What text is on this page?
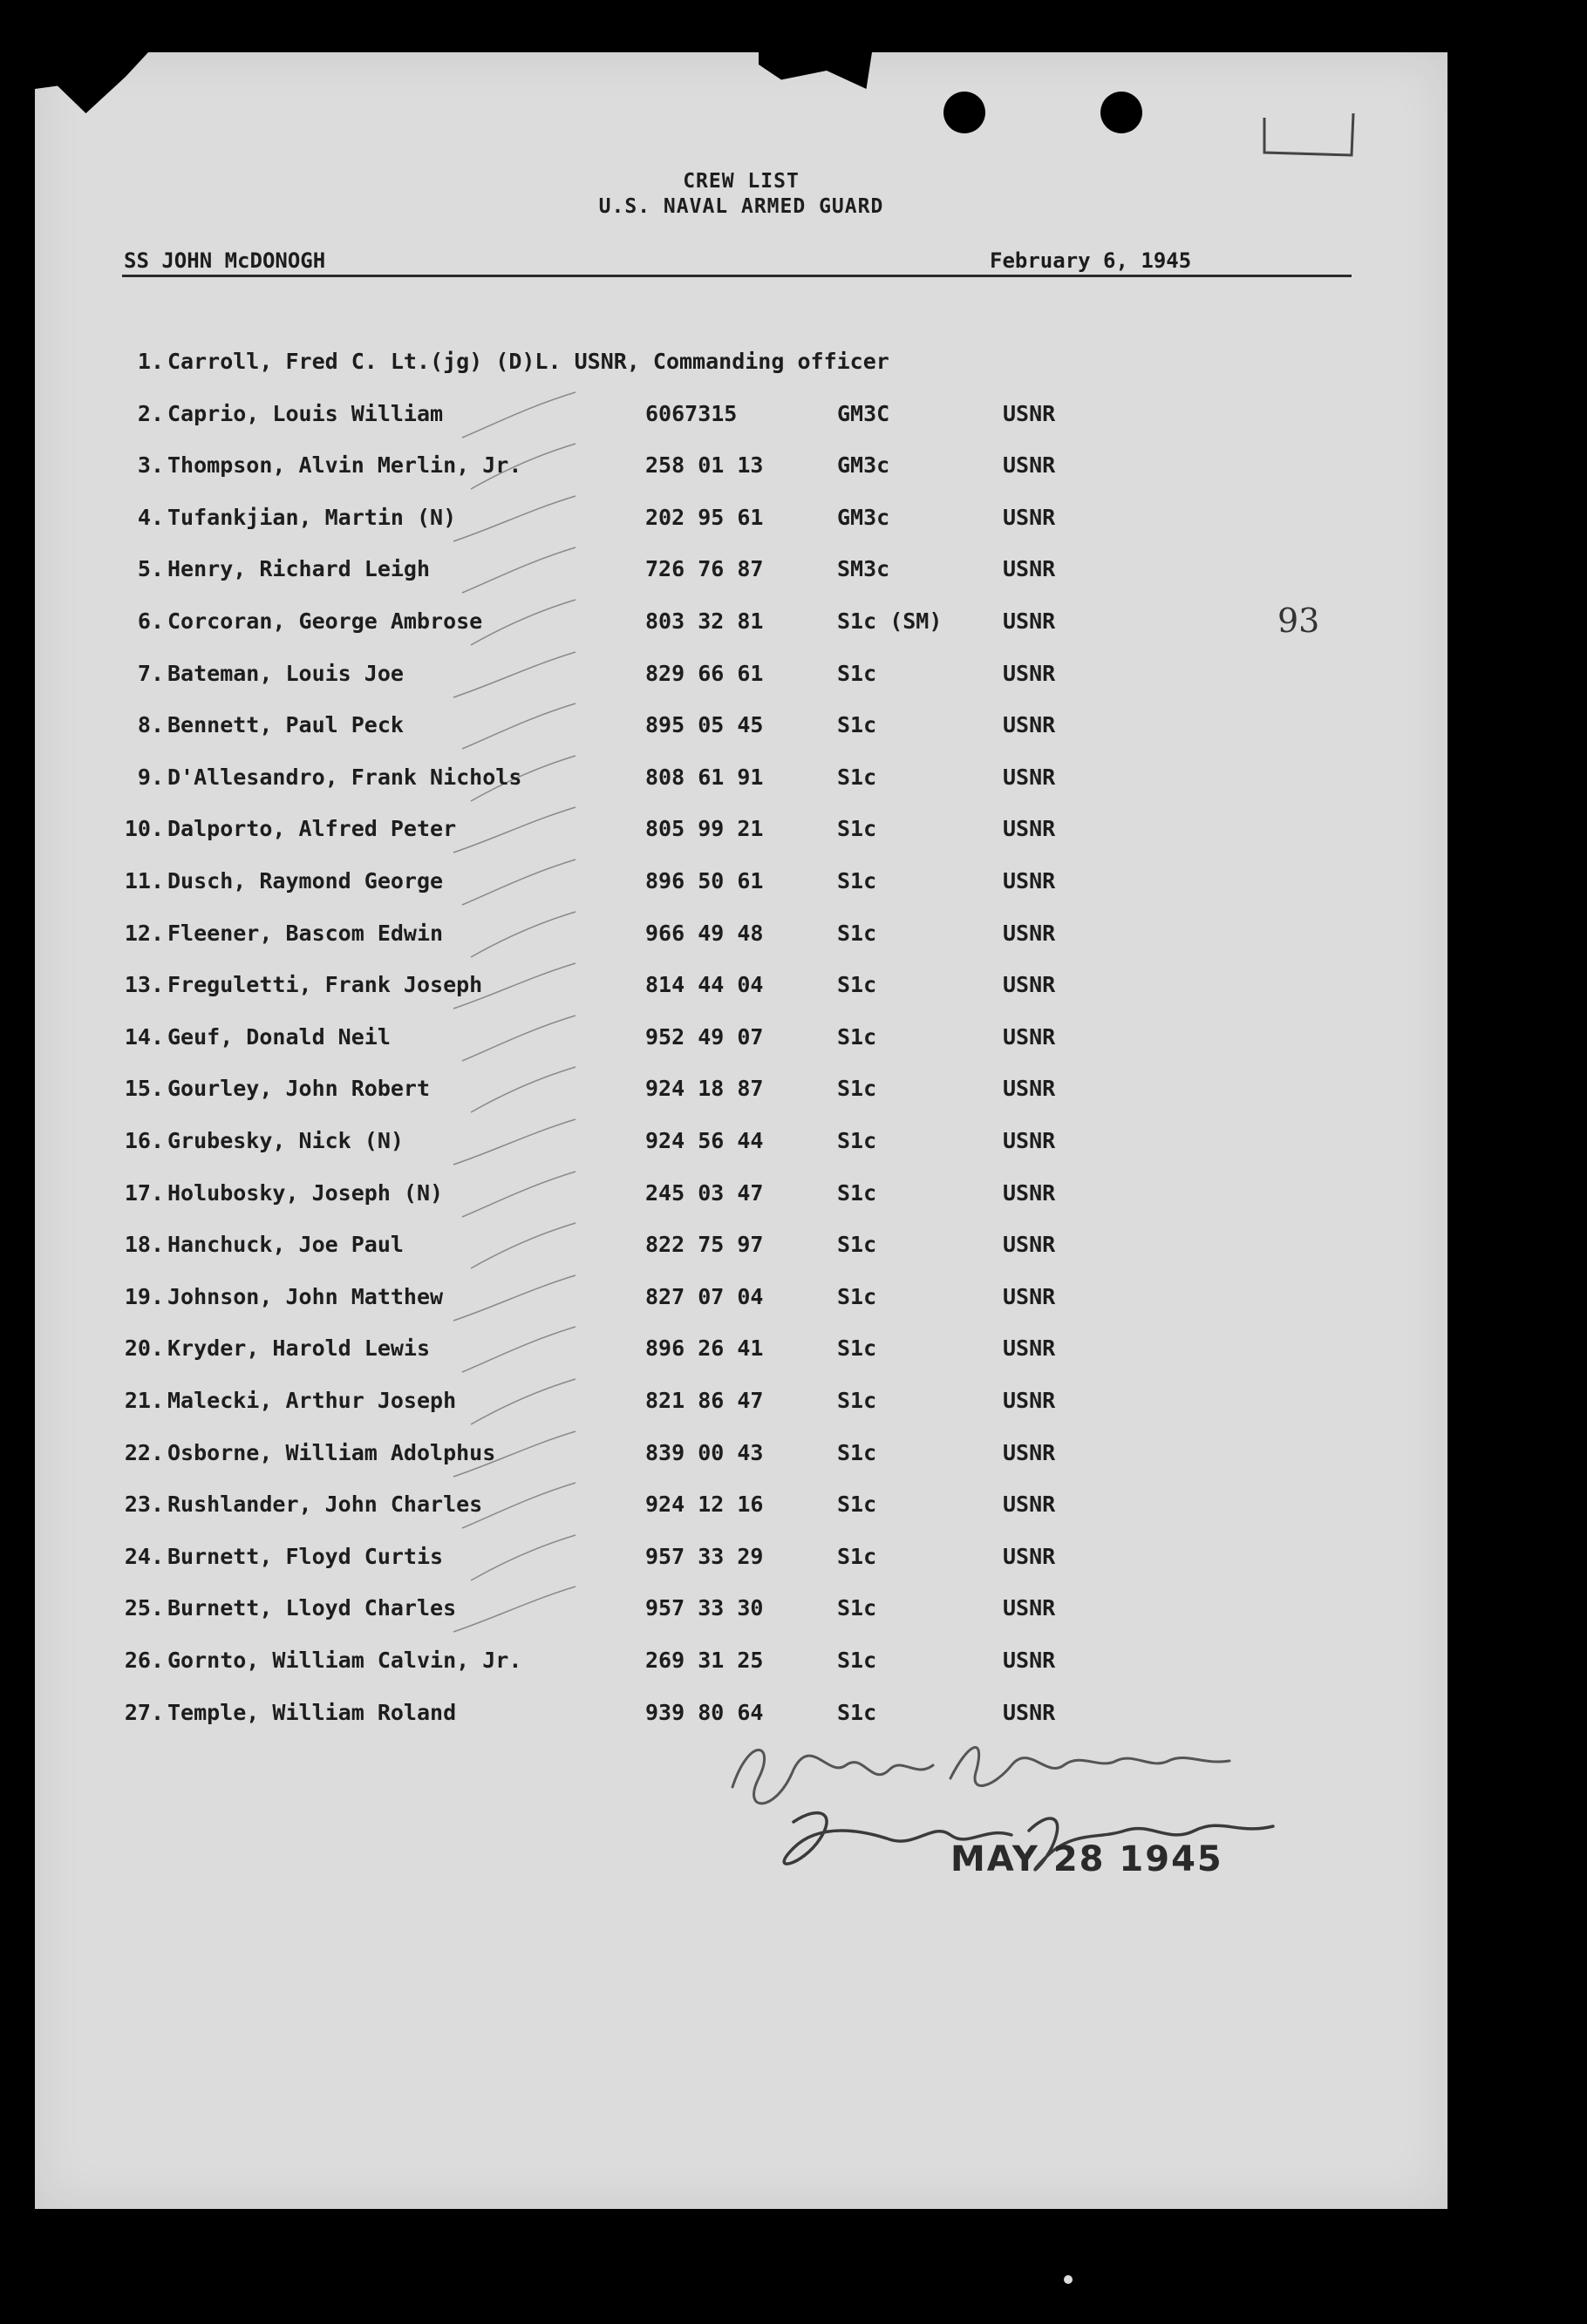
CREW LIST
U.S. NAVAL ARMED GUARD
SS JOHN McDONOGH	February 6, 1945
1. Carroll, Fred C. Lt.(jg) (D)L. USNR, Commanding officer
2. Caprio, Louis William	6067315	GM3C	USNR
3. Thompson, Alvin Merlin, Jr.	258 01 13	GM3c	USNR
4. Tufankjian, Martin (N)	202 95 61	GM3c	USNR
5. Henry, Richard Leigh	726 76 87	SM3c	USNR
6. Corcoran, George Ambrose	803 32 81	S1c (SM)	USNR
7. Bateman, Louis Joe	829 66 61	S1c	USNR
8. Bennett, Paul Peck	895 05 45	S1c	USNR
9. D'Allesandro, Frank Nichols	808 61 91	S1c	USNR
10. Dalporto, Alfred Peter	805 99 21	S1c	USNR
11. Dusch, Raymond George	896 50 61	S1c	USNR
12. Fleener, Bascom Edwin	966 49 48	S1c	USNR
13. Freguletti, Frank Joseph	814 44 04	S1c	USNR
14. Geuf, Donald Neil	952 49 07	S1c	USNR
15. Gourley, John Robert	924 18 87	S1c	USNR
16. Grubesky, Nick (N)	924 56 44	S1c	USNR
17. Holubosky, Joseph (N)	245 03 47	S1c	USNR
18. Hanchuck, Joe Paul	822 75 97	S1c	USNR
19. Johnson, John Matthew	827 07 04	S1c	USNR
20. Kryder, Harold Lewis	896 26 41	S1c	USNR
21. Malecki, Arthur Joseph	821 86 47	S1c	USNR
22. Osborne, William Adolphus	839 00 43	S1c	USNR
23. Rushlander, John Charles	924 12 16	S1c	USNR
24. Burnett, Floyd Curtis	957 33 29	S1c	USNR
25. Burnett, Lloyd Charles	957 33 30	S1c	USNR
26. Gornto, William Calvin, Jr.	269 31 25	S1c	USNR
27. Temple, William Roland	939 80 64	S1c	USNR
93
MAY 28 1945
